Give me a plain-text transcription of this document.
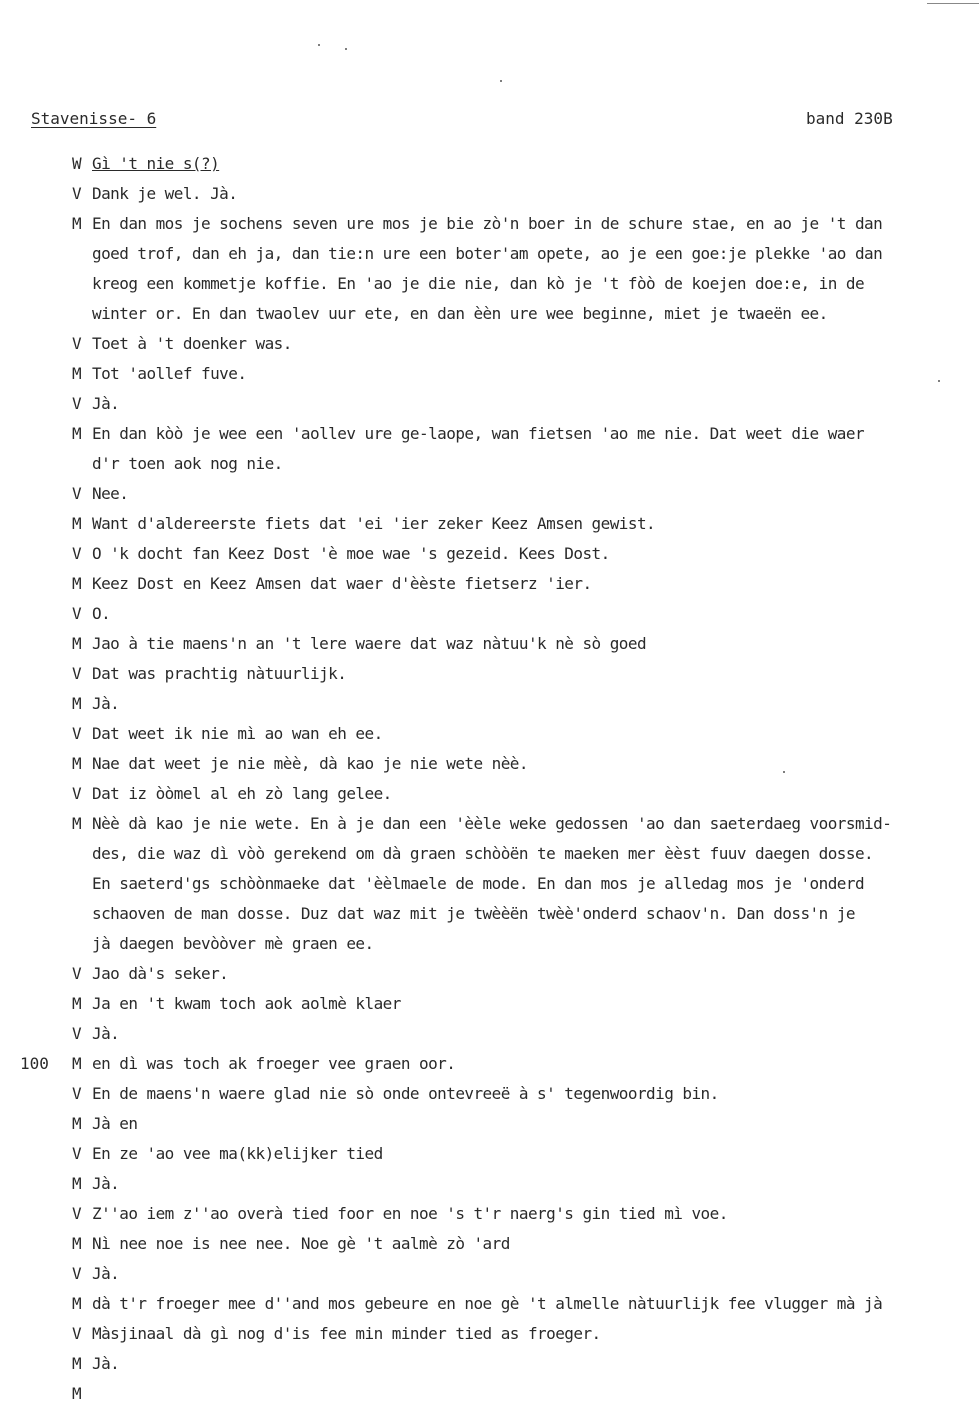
Stavenisse- 6	band 230B
W Gì 't nie s(?)
V Dank je wel. Jà.
M En dan mos je sochens seven ure mos je bie zò'n boer in de schure stae, en ao je 't dan
goed trof, dan eh ja, dan tie:n ure een boter'am opete, ao je een goe:je plekke 'ao dan
kreog een kommetje koffie. En 'ao je die nie, dan kò je 't fòò de koejen doe:e, in de
winter or. En dan twaolev uur ete, en dan èèn ure wee beginne, miet je twaeën ee.
V Toet à 't doenker was.
M Tot 'aollef fuve.
V Jà.
M En dan kòò je wee een 'aollev ure ge-laope, wan fietsen 'ao me nie. Dat weet die waer
d'r toen aok nog nie.
V Nee.
M Want d'aldereerste fiets dat 'ei 'ier zeker Keez Amsen gewist.
V O 'k docht fan Keez Dost 'è moe wae 's gezeid. Kees Dost.
M Keez Dost en Keez Amsen dat waer d'èèste fietserz 'ier.
V O.
M Jao à tie maens'n an 't lere waere dat waz nàtuu'k nè sò goed
V Dat was prachtig nàtuurlijk.
M Jà.
V Dat weet ik nie mì ao wan eh ee.
M Nae dat weet je nie mèè, dà kao je nie wete nèè.
V Dat iz òòmel al eh zò lang gelee.
M Nèè dà kao je nie wete. En à je dan een 'èèle weke gedossen 'ao dan saeterdaeg voorsmid-
des, die waz dì vòò gerekend om dà graen schòòën te maeken mer èèst fuuv daegen dosse.
En saeterd'gs schòònmaeke dat 'èèlmaele de mode. En dan mos je alledag mos je 'onderd
schaoven de man dosse. Duz dat waz mit je twèèën twèè'onderd schaov'n. Dan doss'n je
jà daegen bevòòver mè graen ee.
V Jao dà's seker.
M Ja en 't kwam toch aok aolmè klaer
V Jà.
100	M en dì was toch ak froeger vee graen oor.
V En de maens'n waere glad nie sò onde ontevreeë à s' tegenwoordig bin.
M Jà en
V En ze 'ao vee ma(kk)elijker tied
M Jà.
V Z''ao iem z''ao overà tied foor en noe 's t'r naerg's gin tied mì voe.
M Nì nee noe is nee nee. Noe gè 't aalmè zò 'ard
V Jà.
M dà t'r froeger mee d''and mos gebeure en noe gè 't almelle nàtuurlijk fee vlugger mà jà
V Màsjinaal dà gì nog d'is fee min minder tied as froeger.
M Jà.
M
